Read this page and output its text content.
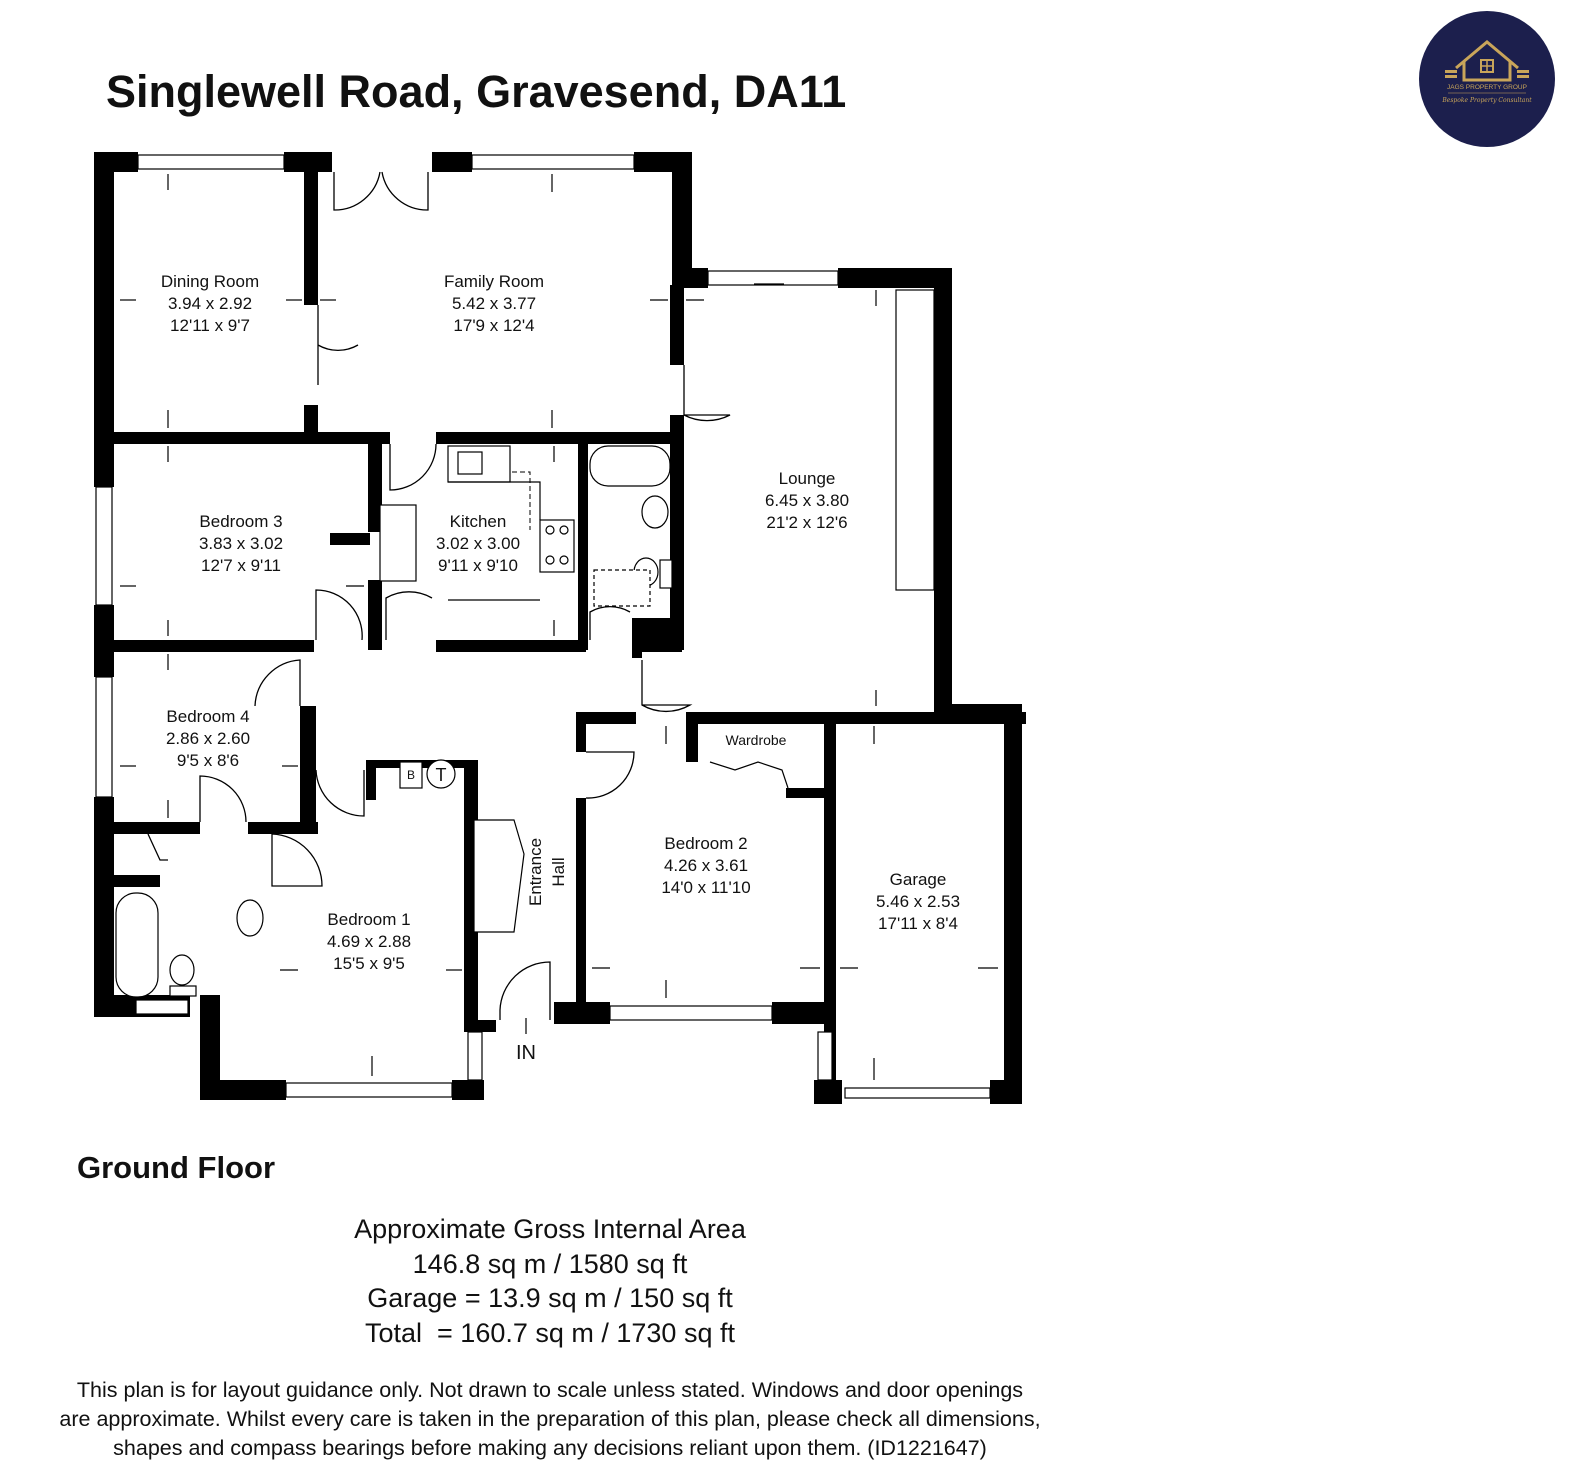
Singlewell Road, Gravesend, DA11	JAGS PROPERTY GROUP
Bespoke Property Consultant
Dining Room
3.94 x 2.92
12'11 x 9'7
Family Room
5.42 x 3.77
17'9 x 12'4
Lounge
6.45 x 3.80
21'2 x 12'6
Bedroom 3
3.83 x 3.02
12'7 x 9'11
Kitchen
3.02 x 3.00
9'11 x 9'10
Bedroom 4
2.86 x 2.60
9'5 x 8'6
Bedroom 2
4.26 x 3.61
14'0 x 11'10
Bedroom 1
4.69 x 2.88
15'5 x 9'5
Garage
5.46 x 2.53
17'11 x 8'4
Wardrobe
Entrance Hall
B T
IN
Ground Floor
Approximate Gross Internal Area
146.8 sq m / 1580 sq ft
Garage = 13.9 sq m / 150 sq ft
Total  = 160.7 sq m / 1730 sq ft
This plan is for layout guidance only. Not drawn to scale unless stated. Windows and door openings
are approximate. Whilst every care is taken in the preparation of this plan, please check all dimensions,
shapes and compass bearings before making any decisions reliant upon them. (ID1221647)
